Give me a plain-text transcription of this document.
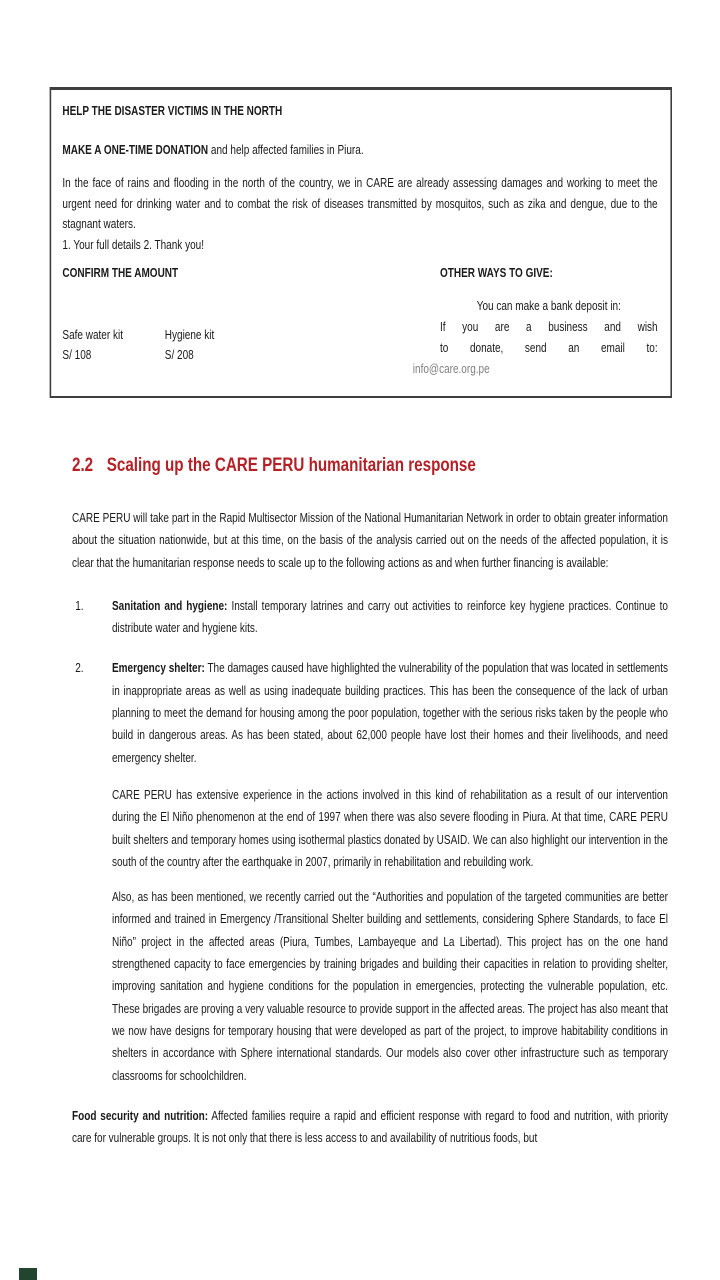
HELP THE DISASTER VICTIMS IN THE NORTH

MAKE A ONE-TIME DONATION and help affected families in Piura.

In the face of rains and flooding in the north of the country, we in CARE are already assessing damages and working to meet the urgent need for drinking water and to combat the risk of diseases transmitted by mosquitos, such as zika and dengue, due to the stagnant waters.

1. Your full details 2. Thank you!

CONFIRM THE AMOUNT

Safe water kit

S/ 108

Hygiene kit

S/ 208

OTHER WAYS TO GIVE:

You can make a bank deposit in:

If you are a business and wish

to donate, send an email to:

info@care.org.pe

2.2 Scaling up the CARE PERU humanitarian response

CARE PERU will take part in the Rapid Multisector Mission of the National Humanitarian Network in order to obtain greater information about the situation nationwide, but at this time, on the basis of the analysis carried out on the needs of the affected population, it is clear that the humanitarian response needs to scale up to the following actions as and when further financing is available:

1.	Sanitation and hygiene: Install temporary latrines and carry out activities to reinforce key hygiene practices. Continue to distribute water and hygiene kits.
2.	Emergency shelter: The damages caused have highlighted the vulnerability of the population that was located in settlements in inappropriate areas as well as using inadequate building practices. This has been the consequence of the lack of urban planning to meet the demand for housing among the poor population, together with the serious risks taken by the people who build in dangerous areas. As has been stated, about 62,000 people have lost their homes and their livelihoods, and need emergency shelter.

CARE PERU has extensive experience in the actions involved in this kind of rehabilitation as a result of our intervention during the El Niño phenomenon at the end of 1997 when there was also severe flooding in Piura. At that time, CARE PERU built shelters and temporary homes using isothermal plastics donated by USAID. We can also highlight our intervention in the south of the country after the earthquake in 2007, primarily in rehabilitation and rebuilding work.

Also, as has been mentioned, we recently carried out the “Authorities and population of the targeted communities are better informed and trained in Emergency /Transitional Shelter building and settlements, considering Sphere Standards, to face El Niño” project in the affected areas (Piura, Tumbes, Lambayeque and La Libertad). This project has on the one hand strengthened capacity to face emergencies by training brigades and building their capacities in relation to providing shelter, improving sanitation and hygiene conditions for the population in emergencies, protecting the vulnerable population, etc. These brigades are proving a very valuable resource to provide support in the affected areas. The project has also meant that we now have designs for temporary housing that were developed as part of the project, to improve habitability conditions in shelters in accordance with Sphere international standards. Our models also cover other infrastructure such as temporary classrooms for schoolchildren.

Food security and nutrition: Affected families require a rapid and efficient response with regard to food and nutrition, with priority care for vulnerable groups. It is not only that there is less access to and availability of nutritious foods, but
